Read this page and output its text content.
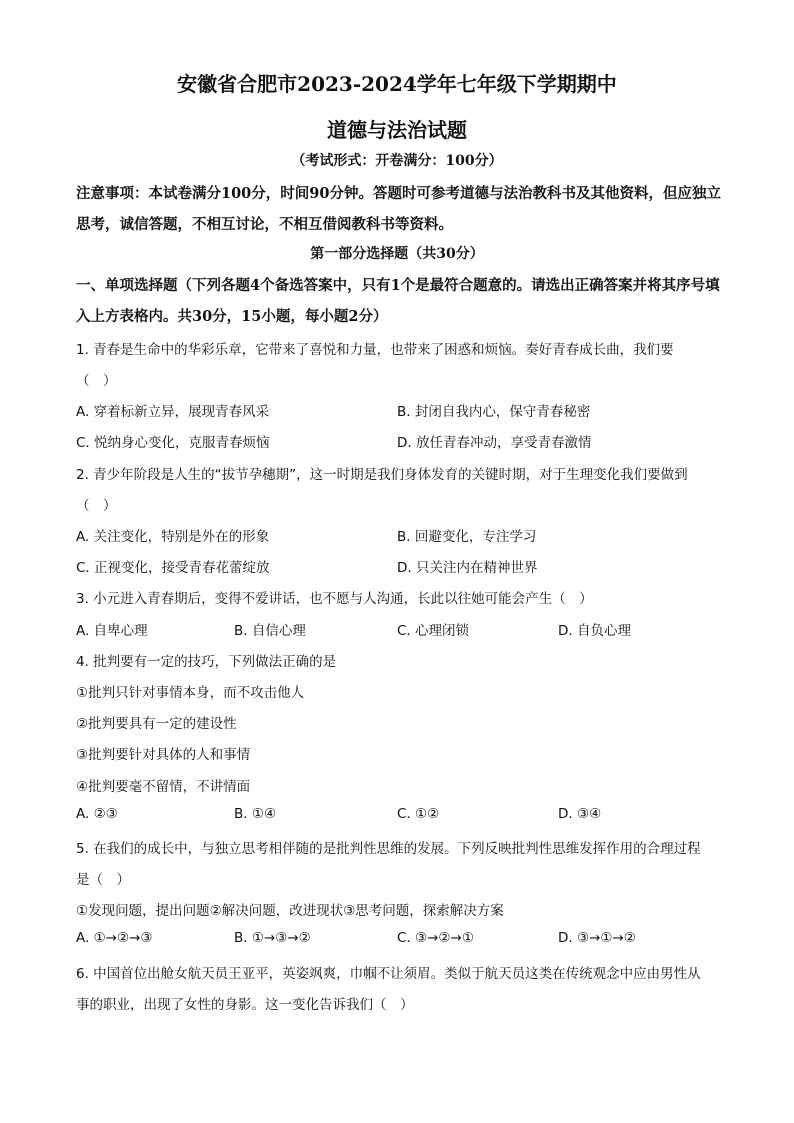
安徽省合肥市2023-2024学年七年级下学期期中
道德与法治试题
（考试形式：开卷满分：100分）
注意事项：本试卷满分100分，时间90分钟。答题时可参考道德与法治教科书及其他资料，但应独立思考，诚信答题，不相互讨论，不相互借阅教科书等资料。
第一部分选择题（共30分）
一、单项选择题（下列各题4个备选答案中，只有1个是最符合题意的。请选出正确答案并将其序号填入上方表格内。共30分，15小题，每小题2分）
1. 青春是生命中的华彩乐章，它带来了喜悦和力量，也带来了困惑和烦恼。奏好青春成长曲，我们要
（　）
A. 穿着标新立异，展现青春风采	B. 封闭自我内心，保守青春秘密
C. 悦纳身心变化，克服青春烦恼	D. 放任青春冲动，享受青春激情
2. 青少年阶段是人生的“拔节孕穗期”，这一时期是我们身体发育的关键时期，对于生理变化我们要做到
（　）
A. 关注变化，特别是外在的形象	B. 回避变化，专注学习
C. 正视变化，接受青春花蕾绽放	D. 只关注内在精神世界
3. 小元进入青春期后，变得不爱讲话，也不愿与人沟通，长此以往她可能会产生（　）
A. 自卑心理	B. 自信心理	C. 心理闭锁	D. 自负心理
4. 批判要有一定的技巧，下列做法正确的是
①批判只针对事情本身，而不攻击他人
②批判要具有一定的建设性
③批判要针对具体的人和事情
④批判要毫不留情，不讲情面
A. ②③	B. ①④	C. ①②	D. ③④
5. 在我们的成长中，与独立思考相伴随的是批判性思维的发展。下列反映批判性思维发挥作用的合理过程
是（　）
①发现问题，提出问题②解决问题，改进现状③思考问题，探索解决方案
A. ①→②→③	B. ①→③→②	C. ③→②→①	D. ③→①→②
6. 中国首位出舱女航天员王亚平，英姿飒爽，巾帼不让须眉。类似于航天员这类在传统观念中应由男性从
事的职业，出现了女性的身影。这一变化告诉我们（　）
